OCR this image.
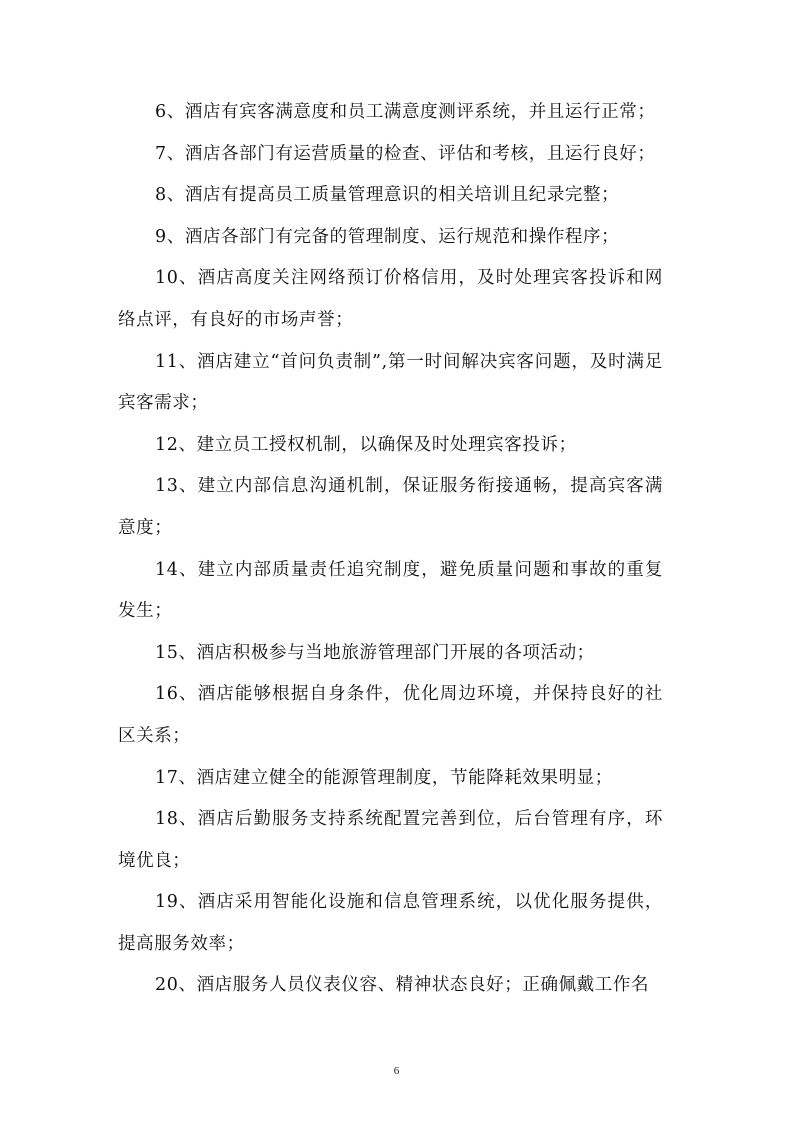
6、酒店有宾客满意度和员工满意度测评系统，并且运行正常；

7、酒店各部门有运营质量的检查、评估和考核，且运行良好；

8、酒店有提高员工质量管理意识的相关培训且纪录完整；

9、酒店各部门有完备的管理制度、运行规范和操作程序；

10、酒店高度关注网络预订价格信用，及时处理宾客投诉和网络点评，有良好的市场声誉；

11、酒店建立“首问负责制”,第一时间解决宾客问题，及时满足宾客需求；

12、建立员工授权机制，以确保及时处理宾客投诉；

13、建立内部信息沟通机制，保证服务衔接通畅，提高宾客满意度；

14、建立内部质量责任追究制度，避免质量问题和事故的重复发生；

15、酒店积极参与当地旅游管理部门开展的各项活动；

16、酒店能够根据自身条件，优化周边环境，并保持良好的社区关系；

17、酒店建立健全的能源管理制度，节能降耗效果明显；

18、酒店后勤服务支持系统配置完善到位，后台管理有序，环境优良；

19、酒店采用智能化设施和信息管理系统，以优化服务提供，提高服务效率；

20、酒店服务人员仪表仪容、精神状态良好；正确佩戴工作名

6
